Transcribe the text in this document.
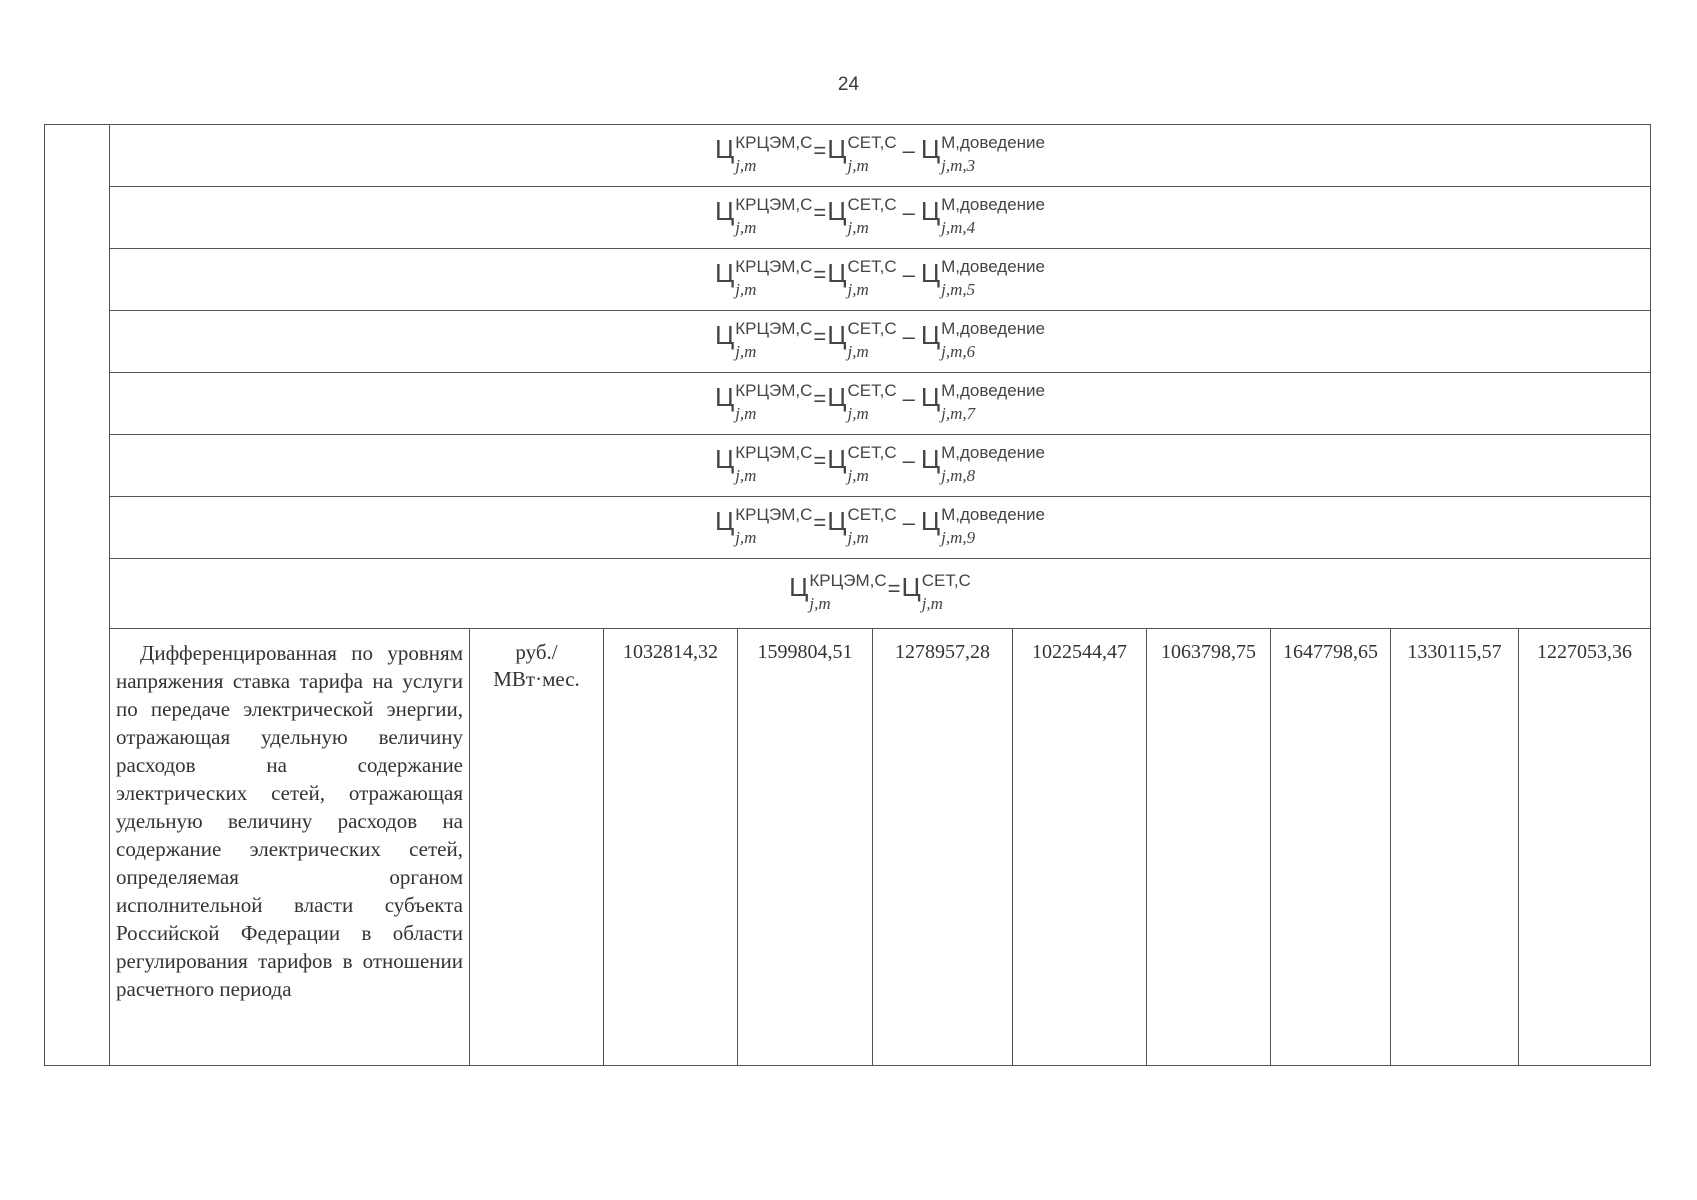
24
Ц КРЦЭМ,С
j,m
= Ц СЕТ,С
j,m
– Ц М,доведение
j,m,3
Ц КРЦЭМ,С
j,m
= Ц СЕТ,С
j,m
– Ц М,доведение
j,m,4
Ц КРЦЭМ,С
j,m
= Ц СЕТ,С
j,m
– Ц М,доведение
j,m,5
Ц КРЦЭМ,С
j,m
= Ц СЕТ,С
j,m
– Ц М,доведение
j,m,6
Ц КРЦЭМ,С
j,m
= Ц СЕТ,С
j,m
– Ц М,доведение
j,m,7
Ц КРЦЭМ,С
j,m
= Ц СЕТ,С
j,m
– Ц М,доведение
j,m,8
Ц КРЦЭМ,С
j,m
= Ц СЕТ,С
j,m
– Ц М,доведение
j,m,9
Ц КРЦЭМ,С
j,m
= Ц СЕТ,С
j,m
Дифференцированная по уровням напряжения ставка тарифа на услуги по передаче электрической энергии, отражающая удельную величину расходов на содержание электрических сетей, отражающая удельную величину расходов на содержание электрических сетей, определяемая органом исполнительной власти субъекта Российской Федерации в области регулирования тарифов в отношении расчетного периода
руб./ МВт·мес.
1032814,32	1599804,51	1278957,28	1022544,47	1063798,75	1647798,65	1330115,57	1227053,36
